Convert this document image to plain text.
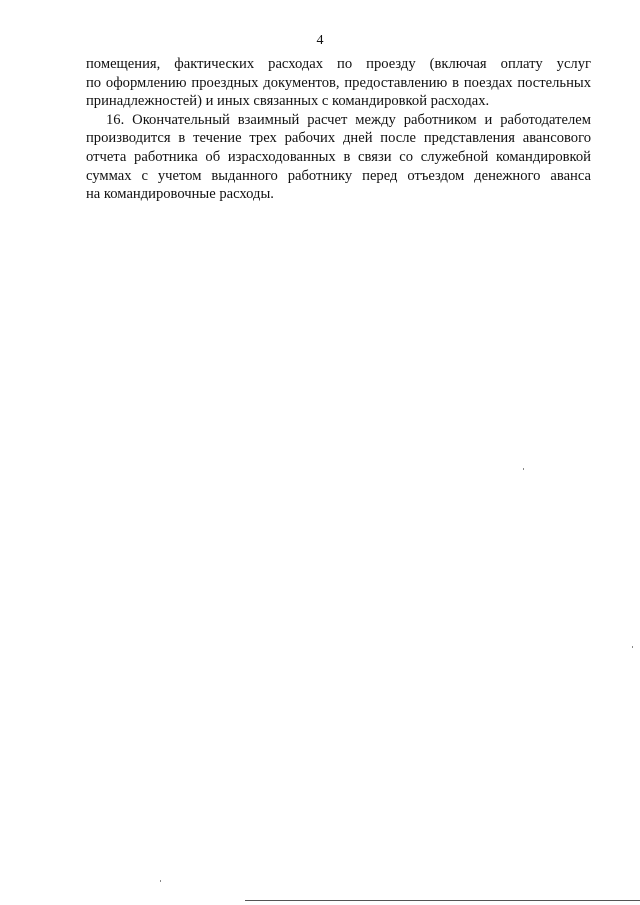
4

помещения, фактических расходах по проезду (включая оплату услуг
по оформлению проездных документов, предоставлению в поездах постельных
принадлежностей) и иных связанных с командировкой расходах.

16. Окончательный взаимный расчет между работником и работодателем
производится в течение трех рабочих дней после представления авансового
отчета работника об израсходованных в связи со служебной командировкой
суммах с учетом выданного работнику перед отъездом денежного аванса
на командировочные расходы.
